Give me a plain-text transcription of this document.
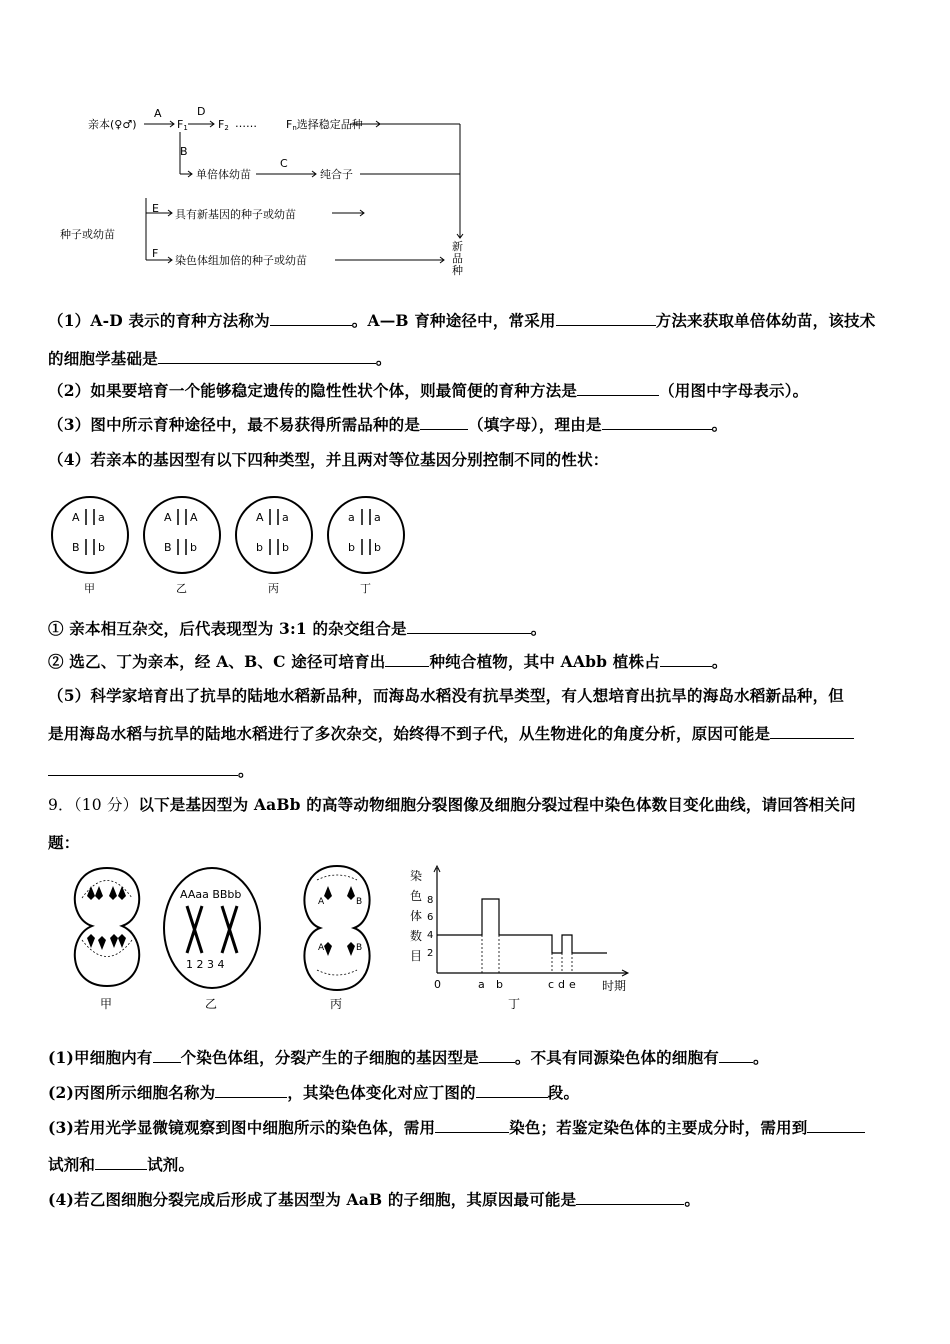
亲本(♀♂)
A
F1
D
F2 ……	Fn选择稳定品种
B
单倍体幼苗
C
纯合子
种子或幼苗
E 具有新基因的种子或幼苗
F
染色体组加倍的种子或幼苗
新
品
种
（1）A-D 表示的育种方法称为	。A—B 育种途径中，常采用	方法来获取单倍体幼苗，该技术
的细胞学基础是	。
（2）如果要培育一个能够稳定遗传的隐性性状个体，则最简便的育种方法是	（用图中字母表示）。
（3）图中所示育种途径中，最不易获得所需品种的是	（填字母），理由是	。
（4）若亲本的基因型有以下四种类型，并且两对等位基因分别控制不同的性状：
A a
B b
甲
A A
B b
乙
A a
b b
丙
a a
b b
丁
① 亲本相互杂交，后代表现型为 3:1 的杂交组合是	。
② 选乙、丁为亲本，经 A、B、C 途径可培育出	种纯合植物，其中 AAbb 植株占	。
（5）科学家培育出了抗旱的陆地水稻新品种，而海岛水稻没有抗旱类型，有人想培育出抗旱的海岛水稻新品种，但
是用海岛水稻与抗旱的陆地水稻进行了多次杂交，始终得不到子代，从生物进化的角度分析，原因可能是
。
9．（10 分）以下是基因型为 AaBb 的高等动物细胞分裂图像及细胞分裂过程中染色体数目变化曲线，请回答相关问
题：
甲
AAaa BBbb
1 2 3 4
乙
A	B
A	B
丙
染
色
体
数
目
8
6
4
2
0	a b	c d e 时期
丁
(1)甲细胞内有 个染色体组，分裂产生的子细胞的基因型是 。不具有同源染色体的细胞有 。
(2)丙图所示细胞名称为	，其染色体变化对应丁图的	段。
(3)若用光学显微镜观察到图中细胞所示的染色体，需用	染色；若鉴定染色体的主要成分时，需用到
试剂和	试剂。
(4)若乙图细胞分裂完成后形成了基因型为 AaB 的子细胞，其原因最可能是	。
